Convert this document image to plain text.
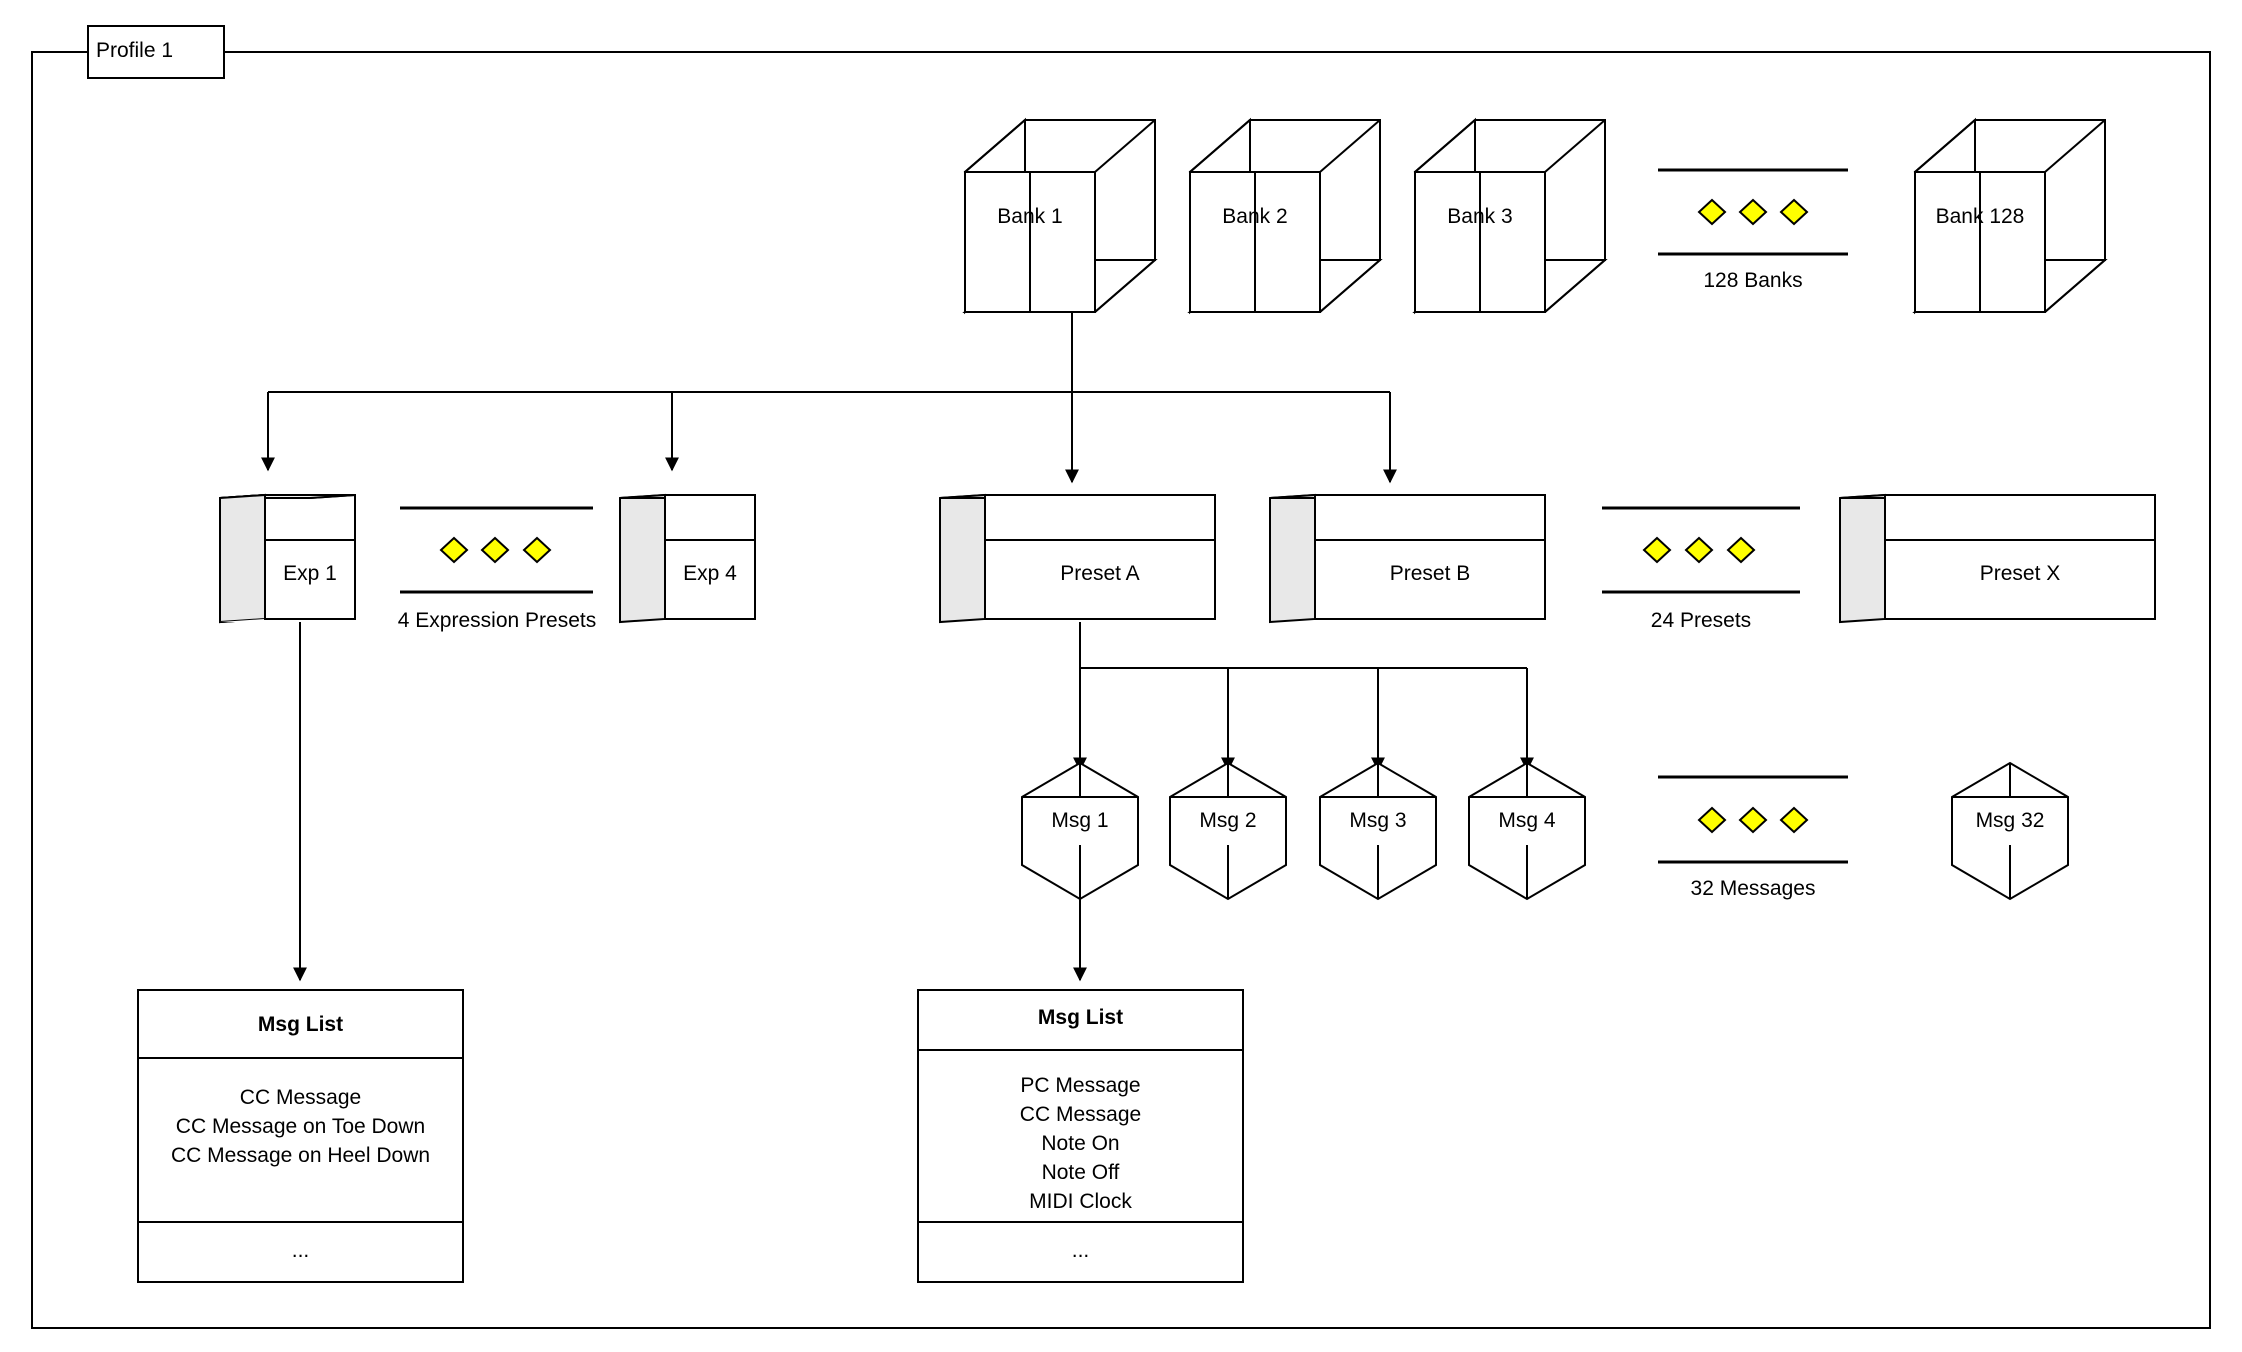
Profile 1
Bank 1	Bank 2	Bank 3	Bank 128
128 Banks
Exp 1	Exp 4
4 Expression Presets
Preset A	Preset B	Preset X
24 Presets
Msg 1	Msg 2	Msg 3	Msg 4	Msg 32
32 Messages
Msg List
CC Message
CC Message on Toe Down
CC Message on Heel Down
...
Msg List
PC Message
CC Message
Note On
Note Off
MIDI Clock
...
